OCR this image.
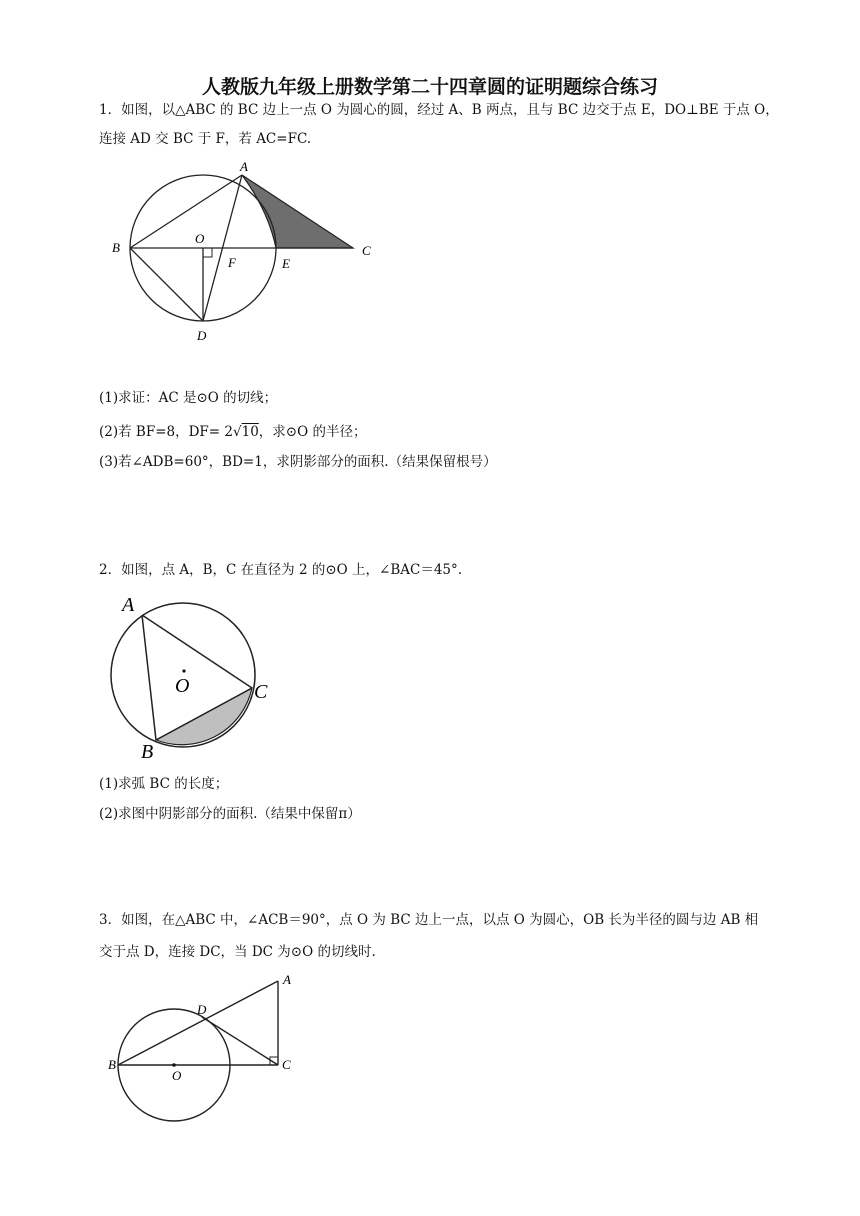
人教版九年级上册数学第二十四章圆的证明题综合练习
1．如图，以△ABC 的 BC 边上一点 O 为圆心的圆，经过 A、B 两点，且与 BC 边交于点 E，DO⊥BE 于点 O，
连接 AD 交 BC 于 F，若 AC=FC.
A
B	C
D
E
F
O
(1)求证：AC 是⊙O 的切线；
(2)若 BF=8，DF= 2√10，求⊙O 的半径；
(3)若∠ADB=60°，BD=1，求阴影部分的面积.（结果保留根号）
2．如图，点 A，B，C 在直径为 2 的⊙O 上，∠BAC＝45°.
A
B
C
O
(1)求弧 BC 的长度；
(2)求图中阴影部分的面积.（结果中保留π）
3．如图，在△ABC 中，∠ACB＝90°，点 O 为 BC 边上一点，以点 O 为圆心，OB 长为半径的圆与边 AB 相
交于点 D，连接 DC，当 DC 为⊙O 的切线时.
A
B	C
D
O
